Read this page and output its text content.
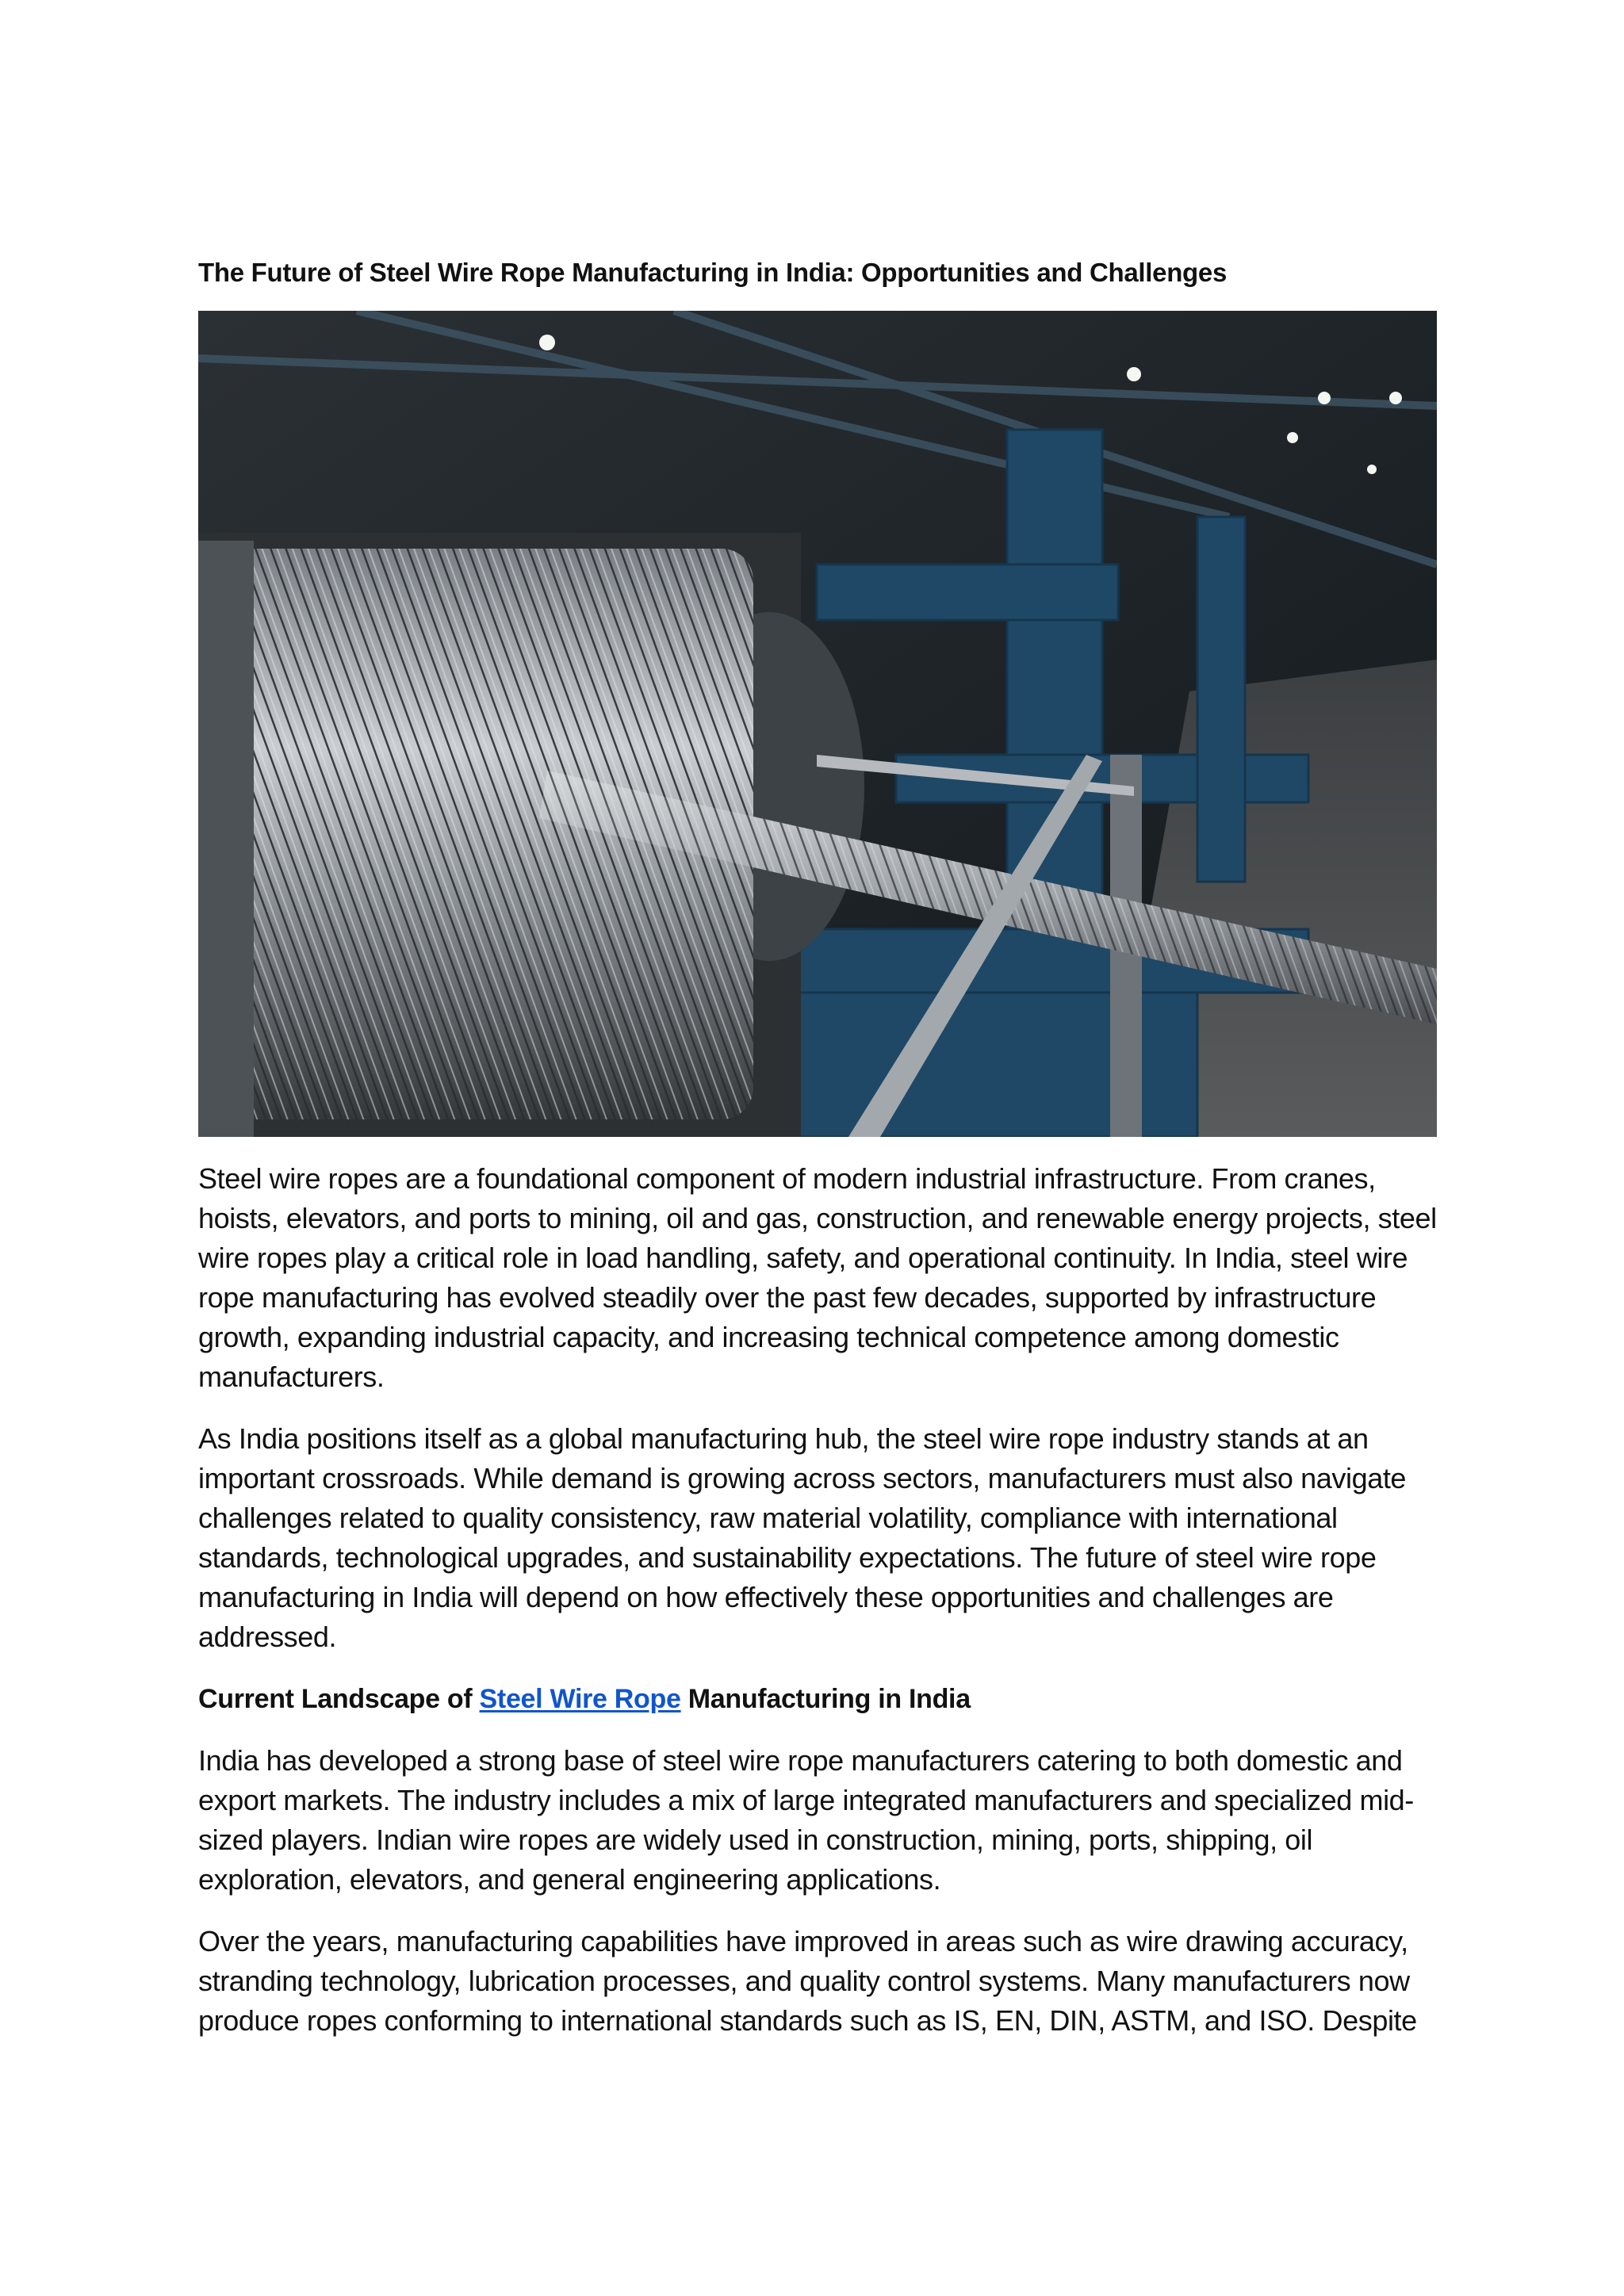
The Future of Steel Wire Rope Manufacturing in India: Opportunities and Challenges

Steel wire ropes are a foundational component of modern industrial infrastructure. From cranes, hoists, elevators, and ports to mining, oil and gas, construction, and renewable energy projects, steel wire ropes play a critical role in load handling, safety, and operational continuity. In India, steel wire rope manufacturing has evolved steadily over the past few decades, supported by infrastructure growth, expanding industrial capacity, and increasing technical competence among domestic manufacturers.

As India positions itself as a global manufacturing hub, the steel wire rope industry stands at an important crossroads. While demand is growing across sectors, manufacturers must also navigate challenges related to quality consistency, raw material volatility, compliance with international standards, technological upgrades, and sustainability expectations. The future of steel wire rope manufacturing in India will depend on how effectively these opportunities and challenges are addressed.

Current Landscape of Steel Wire Rope Manufacturing in India

India has developed a strong base of steel wire rope manufacturers catering to both domestic and export markets. The industry includes a mix of large integrated manufacturers and specialized mid-sized players. Indian wire ropes are widely used in construction, mining, ports, shipping, oil exploration, elevators, and general engineering applications.

Over the years, manufacturing capabilities have improved in areas such as wire drawing accuracy, stranding technology, lubrication processes, and quality control systems. Many manufacturers now produce ropes conforming to international standards such as IS, EN, DIN, ASTM, and ISO. Despite
